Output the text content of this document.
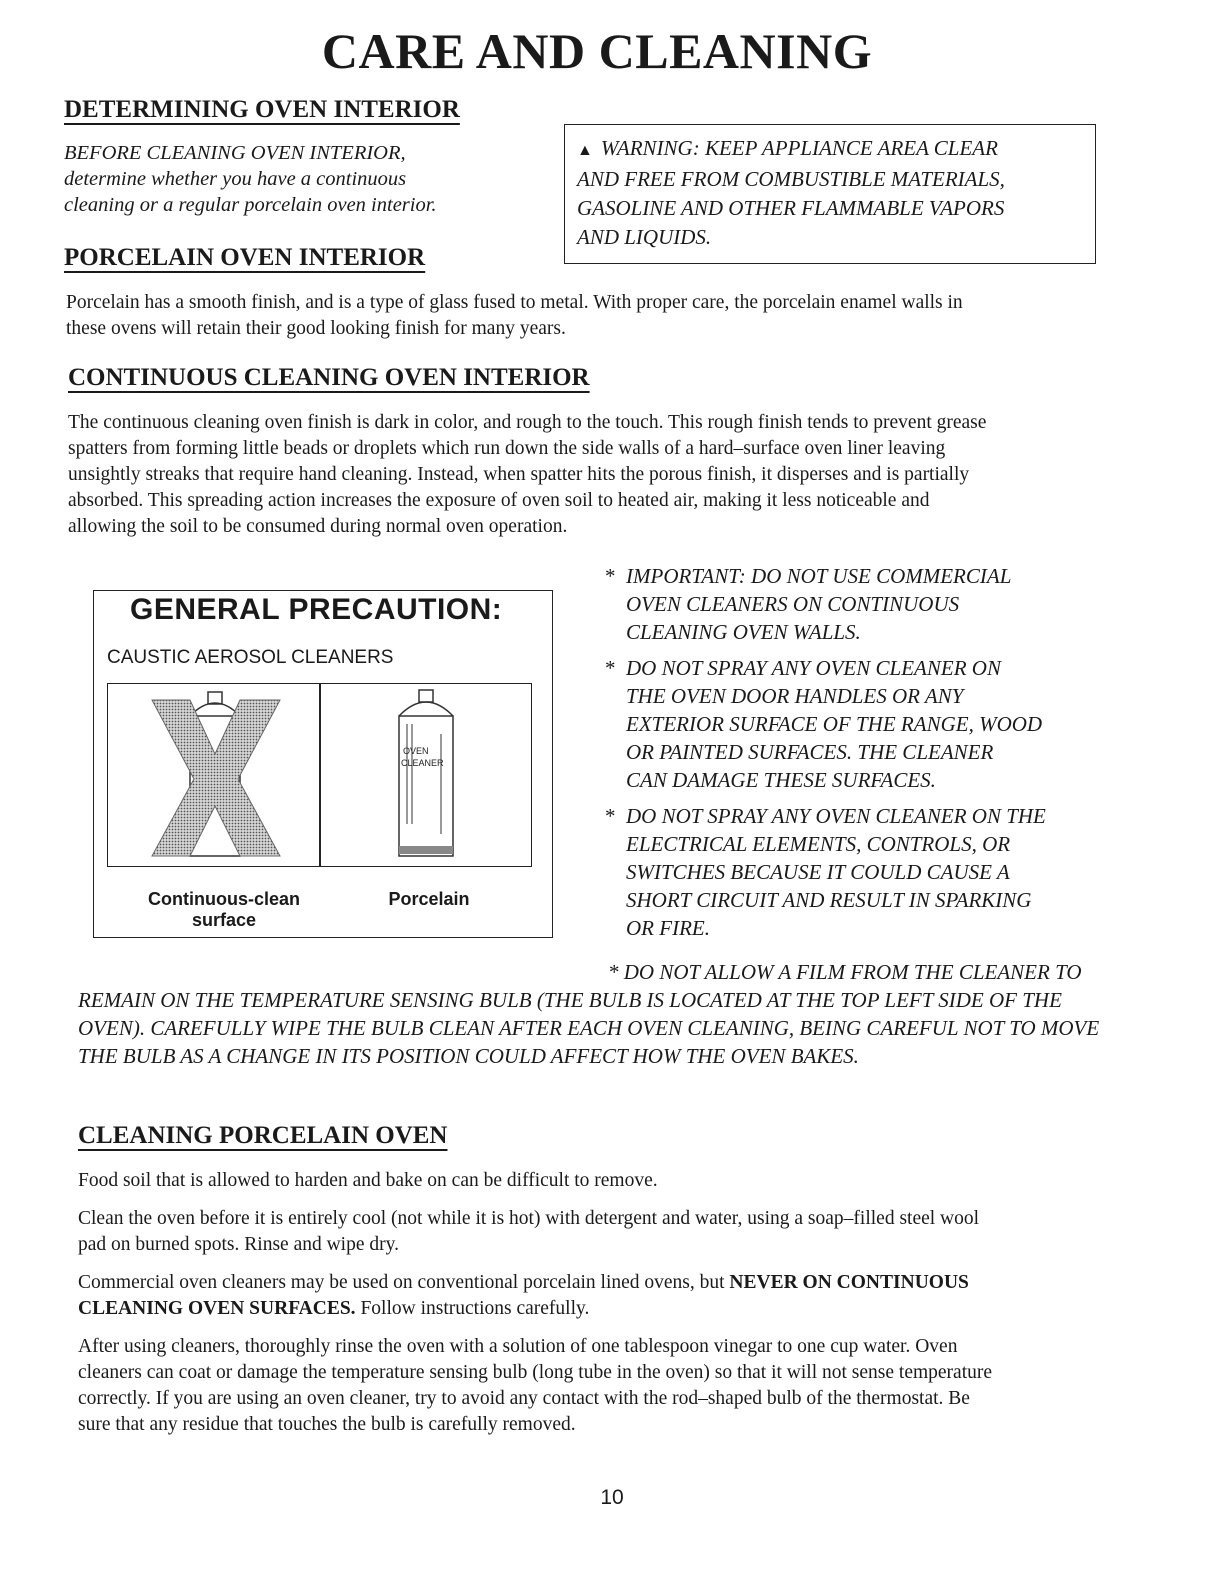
CARE AND CLEANING
DETERMINING OVEN INTERIOR
BEFORE CLEANING OVEN INTERIOR,
determine whether you have a continuous
cleaning or a regular porcelain oven interior.
▲ WARNING: KEEP APPLIANCE AREA CLEAR
AND FREE FROM COMBUSTIBLE MATERIALS,
GASOLINE AND OTHER FLAMMABLE VAPORS
AND LIQUIDS.
PORCELAIN OVEN INTERIOR
Porcelain has a smooth finish, and is a type of glass fused to metal. With proper care, the porcelain enamel walls in
these ovens will retain their good looking finish for many years.
CONTINUOUS CLEANING OVEN INTERIOR
The continuous cleaning oven finish is dark in color, and rough to the touch. This rough finish tends to prevent grease
spatters from forming little beads or droplets which run down the side walls of a hard–surface oven liner leaving
unsightly streaks that require hand cleaning. Instead, when spatter hits the porous finish, it disperses and is partially
absorbed. This spreading action increases the exposure of oven soil to heated air, making it less noticeable and
allowing the soil to be consumed during normal oven operation.
GENERAL PRECAUTION:
CAUSTIC AEROSOL CLEANERS
OVEN
CLEANER
Continuous-clean
surface
Porcelain
* IMPORTANT: DO NOT USE COMMERCIAL
OVEN CLEANERS ON CONTINUOUS
CLEANING OVEN WALLS.
* DO NOT SPRAY ANY OVEN CLEANER ON
THE OVEN DOOR HANDLES OR ANY
EXTERIOR SURFACE OF THE RANGE, WOOD
OR PAINTED SURFACES. THE CLEANER
CAN DAMAGE THESE SURFACES.
* DO NOT SPRAY ANY OVEN CLEANER ON THE
ELECTRICAL ELEMENTS, CONTROLS, OR
SWITCHES BECAUSE IT COULD CAUSE A
SHORT CIRCUIT AND RESULT IN SPARKING
OR FIRE.
* DO NOT ALLOW A FILM FROM THE CLEANER TO REMAIN ON THE TEMPERATURE SENSING BULB (THE BULB IS LOCATED AT THE TOP LEFT SIDE OF THE OVEN). CAREFULLY WIPE THE BULB CLEAN AFTER EACH OVEN CLEANING, BEING CAREFUL NOT TO MOVE THE BULB AS A CHANGE IN ITS POSITION COULD AFFECT HOW THE OVEN BAKES.
CLEANING PORCELAIN OVEN

Food soil that is allowed to harden and bake on can be difficult to remove.

Clean the oven before it is entirely cool (not while it is hot) with detergent and water, using a soap–filled steel wool
pad on burned spots. Rinse and wipe dry.

Commercial oven cleaners may be used on conventional porcelain lined ovens, but NEVER ON CONTINUOUS
CLEANING OVEN SURFACES. Follow instructions carefully.

After using cleaners, thoroughly rinse the oven with a solution of one tablespoon vinegar to one cup water. Oven
cleaners can coat or damage the temperature sensing bulb (long tube in the oven) so that it will not sense temperature
correctly. If you are using an oven cleaner, try to avoid any contact with the rod–shaped bulb of the thermostat. Be
sure that any residue that touches the bulb is carefully removed.
10
